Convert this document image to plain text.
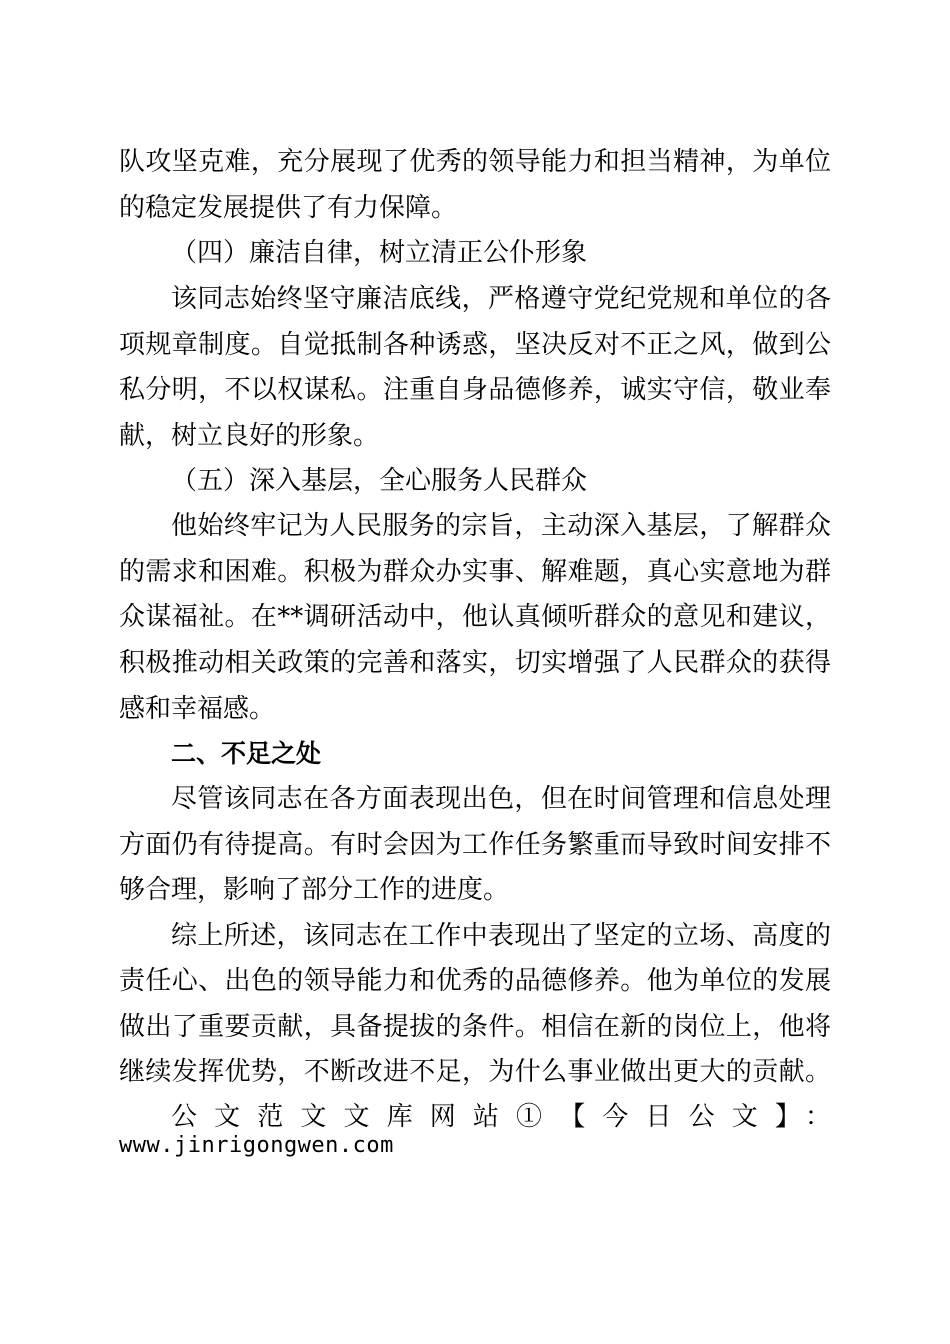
队攻坚克难，充分展现了优秀的领导能力和担当精神，为单位
的稳定发展提供了有力保障。
（四）廉洁自律，树立清正公仆形象
该同志始终坚守廉洁底线，严格遵守党纪党规和单位的各
项规章制度。自觉抵制各种诱惑，坚决反对不正之风，做到公
私分明，不以权谋私。注重自身品德修养，诚实守信，敬业奉
献，树立良好的形象。
（五）深入基层，全心服务人民群众
他始终牢记为人民服务的宗旨，主动深入基层，了解群众
的需求和困难。积极为群众办实事、解难题，真心实意地为群
众谋福祉。在**调研活动中，他认真倾听群众的意见和建议，
积极推动相关政策的完善和落实，切实增强了人民群众的获得
感和幸福感。
二、不足之处
尽管该同志在各方面表现出色，但在时间管理和信息处理
方面仍有待提高。有时会因为工作任务繁重而导致时间安排不
够合理，影响了部分工作的进度。
综上所述，该同志在工作中表现出了坚定的立场、高度的
责任心、出色的领导能力和优秀的品德修养。他为单位的发展
做出了重要贡献，具备提拔的条件。相信在新的岗位上，他将
继续发挥优势，不断改进不足，为什么事业做出更大的贡献。
公文范文文库网站①【今日公文】：
www.jinrigongwen.com
